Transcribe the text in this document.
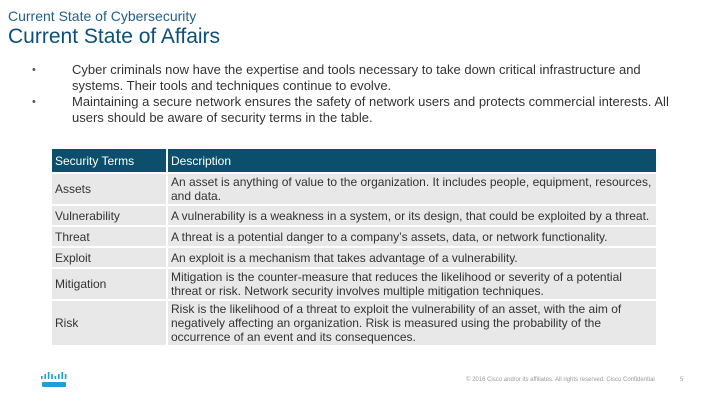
Current State of Cybersecurity
Current State of Affairs
•	Cyber criminals now have the expertise and tools necessary to take down critical infrastructure and systems. Their tools and techniques continue to evolve.
•	Maintaining a secure network ensures the safety of network users and protects commercial interests. All users should be aware of security terms in the table.
Security Terms	Description
Assets	An asset is anything of value to the organization. It includes people, equipment, resources, and data.
Vulnerability	A vulnerability is a weakness in a system, or its design, that could be exploited by a threat.
Threat	A threat is a potential danger to a company’s assets, data, or network functionality.
Exploit	An exploit is a mechanism that takes advantage of a vulnerability.
Mitigation	Mitigation is the counter-measure that reduces the likelihood or severity of a potential threat or risk. Network security involves multiple mitigation techniques.
Risk	Risk is the likelihood of a threat to exploit the vulnerability of an asset, with the aim of negatively affecting an organization. Risk is measured using the probability of the occurrence of an event and its consequences.
© 2016 Cisco and/or its affiliates. All rights reserved. Cisco Confidential	5
